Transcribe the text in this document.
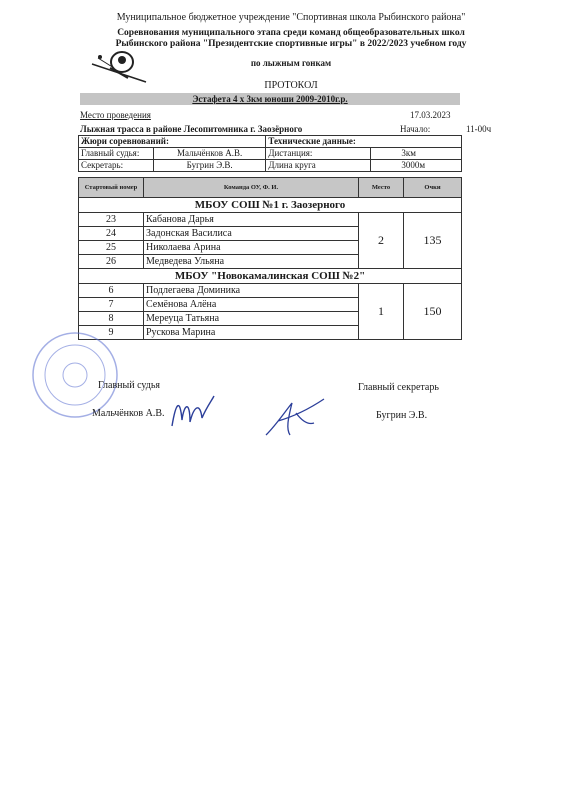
Муниципальное бюджетное учреждение "Спортивная школа Рыбинского района"
Соревнования муниципального этапа среди команд общеобразовательных школ
Рыбинского района "Президентские спортивные игры" в 2022/2023 учебном году
по лыжным гонкам
ПРОТОКОЛ
Эстафета 4 х 3км юноши 2009-2010г.р.
Место проведения	17.03.2023
Лыжная трасса в районе Лесопитомника г. Заозёрного	Начало:	11-00ч
Жюри соревнований:		Технические данные:	
Главный судья:	Мальчёнков А.В.	Дистанция:	3км
Секретарь:	Бугрин Э.В.	Длина круга	3000м
Стартовый номер	Команда ОУ, Ф. И.	Место	Очки
МБОУ СОШ №1 г. Заозерного			
23	Кабанова Дарья	2	135
24	Задонская Василиса		
25	Николаева Арина		
26	Медведева Ульяна		
МБОУ "Новокамалинская СОШ №2"			
6	Подлегаева Доминика	1	150
7	Семёнова Алёна		
8	Мереуца Татьяна		
9	Рускова Марина		
Главный судья
Мальчёнков А.В.
Главный секретарь
Бугрин Э.В.
